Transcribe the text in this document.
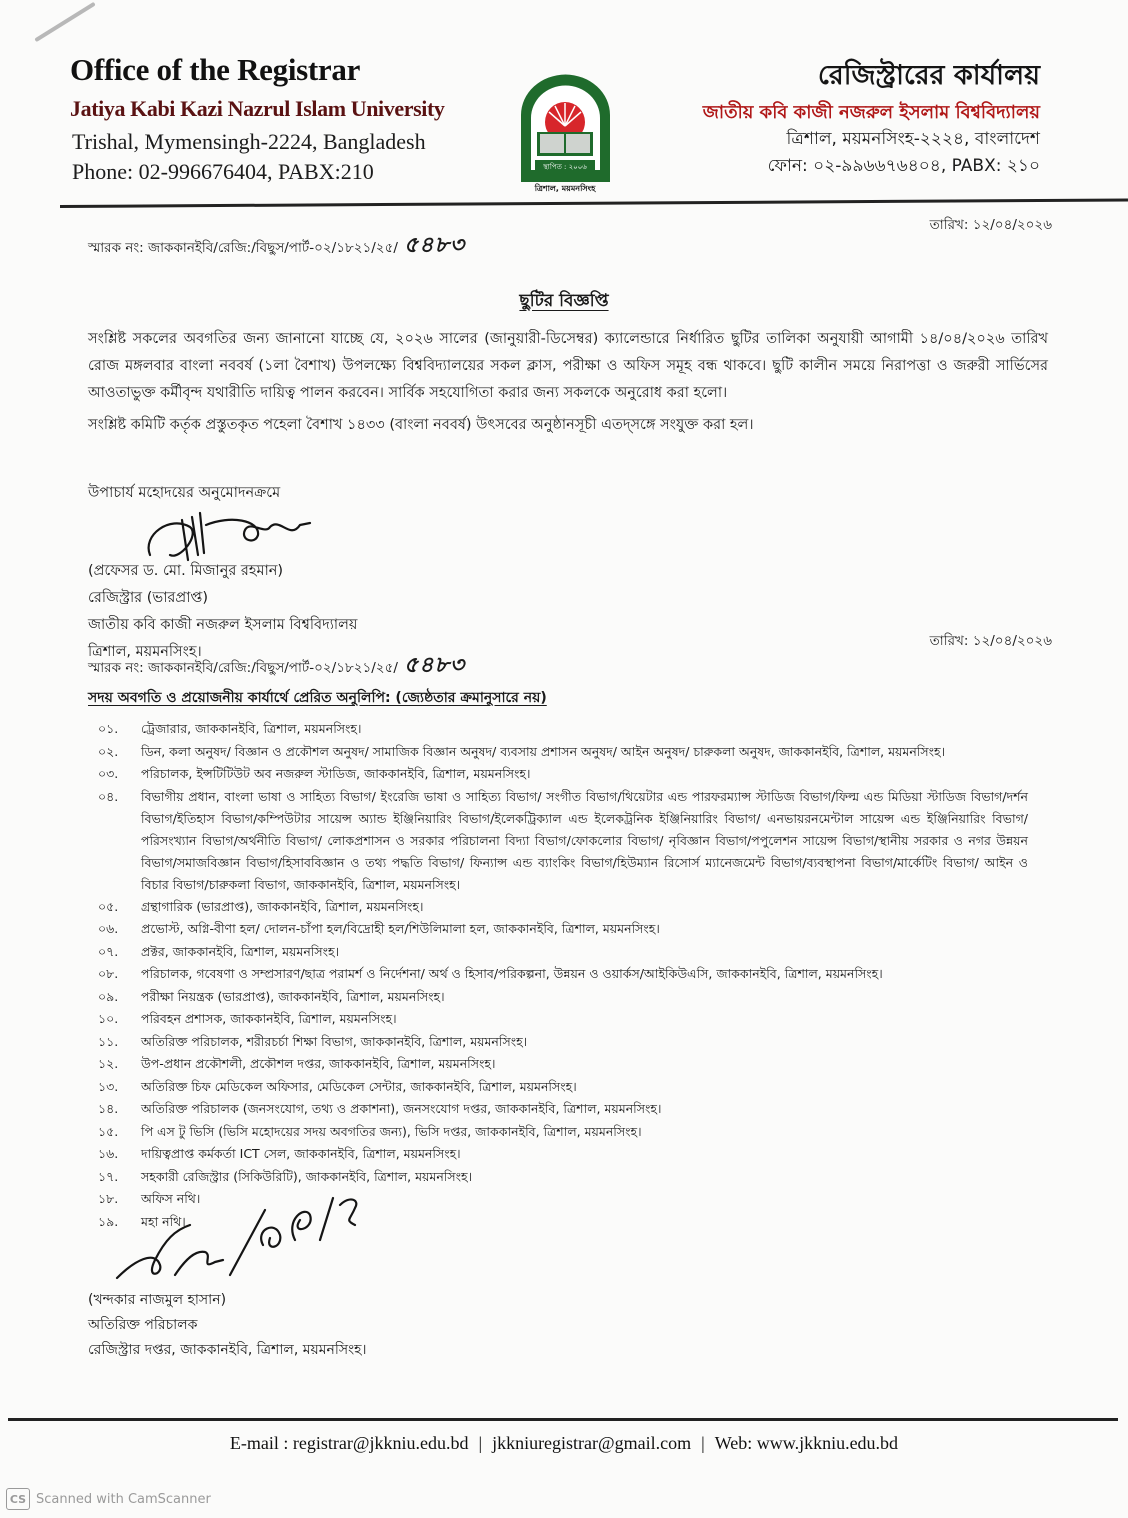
Office of the Registrar
Jatiya Kabi Kazi Nazrul Islam University
Trishal, Mymensingh-2224, Bangladesh
Phone: 02-996676404, PABX:210	স্থাপিত : ২০০৬
ত্রিশাল, ময়মনসিংহ
রেজিস্ট্রারের কার্যালয়
জাতীয় কবি কাজী নজরুল ইসলাম বিশ্ববিদ্যালয়
ত্রিশাল, ময়মনসিংহ-২২২৪, বাংলাদেশ
ফোন: ০২-৯৯৬৬৭৬৪০৪, PABX: ২১০
স্মারক নং: জাককানইবি/রেজি:/বিছুস/পার্ট-০২/১৮২১/২৫/ ৫৪৮৩
তারিখ: ১২/০৪/২০২৬
ছুটির বিজ্ঞপ্তি
সংশ্লিষ্ট সকলের অবগতির জন্য জানানো যাচ্ছে যে, ২০২৬ সালের (জানুয়ারী-ডিসেম্বর) ক্যালেন্ডারে নির্ধারিত ছুটির তালিকা অনুযায়ী আগামী ১৪/০৪/২০২৬ তারিখ রোজ মঙ্গলবার বাংলা নববর্ষ (১লা বৈশাখ) উপলক্ষ্যে বিশ্ববিদ্যালয়ের সকল ক্লাস, পরীক্ষা ও অফিস সমূহ বন্ধ থাকবে। ছুটি কালীন সময়ে নিরাপত্তা ও জরুরী সার্ভিসের আওতাভুক্ত কর্মীবৃন্দ যথারীতি দায়িত্ব পালন করবেন। সার্বিক সহযোগিতা করার জন্য সকলকে অনুরোধ করা হলো।
সংশ্লিষ্ট কমিটি কর্তৃক প্রস্তুতকৃত পহেলা বৈশাখ ১৪৩৩ (বাংলা নববর্ষ) উৎসবের অনুষ্ঠানসূচী এতদ্সঙ্গে সংযুক্ত করা হল।
উপাচার্য মহোদয়ের অনুমোদনক্রমে
(প্রফেসর ড. মো. মিজানুর রহমান)
রেজিস্ট্রার (ভারপ্রাপ্ত)
জাতীয় কবি কাজী নজরুল ইসলাম বিশ্ববিদ্যালয়
ত্রিশাল, ময়মনসিংহ।
স্মারক নং: জাককানইবি/রেজি:/বিছুস/পার্ট-০২/১৮২১/২৫/ ৫৪৮৩
তারিখ: ১২/০৪/২০২৬
সদয় অবগতি ও প্রয়োজনীয় কার্যার্থে প্রেরিত অনুলিপি: (জ্যেষ্ঠতার ক্রমানুসারে নয়)
০১.	ট্রেজারার, জাককানইবি, ত্রিশাল, ময়মনসিংহ।
০২.	ডিন, কলা অনুষদ/ বিজ্ঞান ও প্রকৌশল অনুষদ/ সামাজিক বিজ্ঞান অনুষদ/ ব্যবসায় প্রশাসন অনুষদ/ আইন অনুষদ/ চারুকলা অনুষদ, জাককানইবি, ত্রিশাল, ময়মনসিংহ।
০৩.	পরিচালক, ইন্সটিটিউট অব নজরুল স্টাডিজ, জাককানইবি, ত্রিশাল, ময়মনসিংহ।
০৪.	বিভাগীয় প্রধান, বাংলা ভাষা ও সাহিত্য বিভাগ/ ইংরেজি ভাষা ও সাহিত্য বিভাগ/ সংগীত বিভাগ/থিয়েটার এন্ড পারফরম্যান্স স্টাডিজ বিভাগ/ফিল্ম এন্ড মিডিয়া স্টাডিজ বিভাগ/দর্শন বিভাগ/ইতিহাস বিভাগ/কম্পিউটার সায়েন্স অ্যান্ড ইঞ্জিনিয়ারিং বিভাগ/ইলেকট্রিক্যাল এন্ড ইলেকট্রনিক ইঞ্জিনিয়ারিং বিভাগ/ এনভায়রনমেন্টাল সায়েন্স এন্ড ইঞ্জিনিয়ারিং বিভাগ/পরিসংখ্যান বিভাগ/অর্থনীতি বিভাগ/ লোকপ্রশাসন ও সরকার পরিচালনা বিদ্যা বিভাগ/ফোকলোর বিভাগ/ নৃবিজ্ঞান বিভাগ/পপুলেশন সায়েন্স বিভাগ/স্থানীয় সরকার ও নগর উন্নয়ন বিভাগ/সমাজবিজ্ঞান বিভাগ/হিসাববিজ্ঞান ও তথ্য পদ্ধতি বিভাগ/ ফিন্যান্স এন্ড ব্যাংকিং বিভাগ/হিউম্যান রিসোর্স ম্যানেজমেন্ট বিভাগ/ব্যবস্থাপনা বিভাগ/মার্কেটিং বিভাগ/ আইন ও বিচার বিভাগ/চারুকলা বিভাগ, জাককানইবি, ত্রিশাল, ময়মনসিংহ।
০৫.	গ্রন্থাগারিক (ভারপ্রাপ্ত), জাককানইবি, ত্রিশাল, ময়মনসিংহ।
০৬.	প্রভোস্ট, অগ্নি-বীণা হল/ দোলন-চাঁপা হল/বিদ্রোহী হল/শিউলিমালা হল, জাককানইবি, ত্রিশাল, ময়মনসিংহ।
০৭.	প্রক্টর, জাককানইবি, ত্রিশাল, ময়মনসিংহ।
০৮.	পরিচালক, গবেষণা ও সম্প্রসারণ/ছাত্র পরামর্শ ও নির্দেশনা/ অর্থ ও হিসাব/পরিকল্পনা, উন্নয়ন ও ওয়ার্কস/আইকিউএসি, জাককানইবি, ত্রিশাল, ময়মনসিংহ।
০৯.	পরীক্ষা নিয়ন্ত্রক (ভারপ্রাপ্ত), জাককানইবি, ত্রিশাল, ময়মনসিংহ।
১০.	পরিবহন প্রশাসক, জাককানইবি, ত্রিশাল, ময়মনসিংহ।
১১.	অতিরিক্ত পরিচালক, শরীরচর্চা শিক্ষা বিভাগ, জাককানইবি, ত্রিশাল, ময়মনসিংহ।
১২.	উপ-প্রধান প্রকৌশলী, প্রকৌশল দপ্তর, জাককানইবি, ত্রিশাল, ময়মনসিংহ।
১৩.	অতিরিক্ত চিফ মেডিকেল অফিসার, মেডিকেল সেন্টার, জাককানইবি, ত্রিশাল, ময়মনসিংহ।
১৪.	অতিরিক্ত পরিচালক (জনসংযোগ, তথ্য ও প্রকাশনা), জনসংযোগ দপ্তর, জাককানইবি, ত্রিশাল, ময়মনসিংহ।
১৫.	পি এস টু ভিসি (ভিসি মহোদয়ের সদয় অবগতির জন্য), ভিসি দপ্তর, জাককানইবি, ত্রিশাল, ময়মনসিংহ।
১৬.	দায়িত্বপ্রাপ্ত কর্মকর্তা ICT সেল, জাককানইবি, ত্রিশাল, ময়মনসিংহ।
১৭.	সহকারী রেজিস্ট্রার (সিকিউরিটি), জাককানইবি, ত্রিশাল, ময়মনসিংহ।
১৮.	অফিস নথি।
১৯.	মহা নথি।
(খন্দকার নাজমুল হাসান)
অতিরিক্ত পরিচালক
রেজিস্ট্রার দপ্তর, জাককানইবি, ত্রিশাল, ময়মনসিংহ।
E-mail : registrar@jkkniu.edu.bd | jkkniuregistrar@gmail.com | Web: www.jkkniu.edu.bd
CS Scanned with CamScanner
